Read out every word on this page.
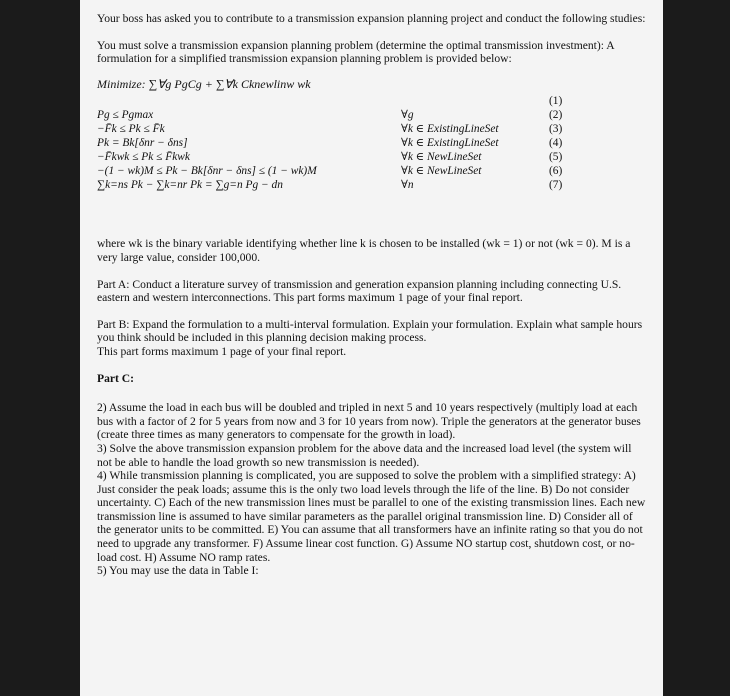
Your boss has asked you to contribute to a transmission expansion planning project and conduct the following studies:

You must solve a transmission expansion planning problem (determine the optimal transmission investment): A formulation for a simplified transmission expansion planning problem is provided below:

Minimize: ∑∀g PgCg + ∑∀k Cknewlinw wk

(1)
Pg ≤ Pgmax	∀g	(2)
−F̄k ≤ Pk ≤ F̄k	∀k ∈ ExistingLineSet	(3)
Pk = Bk[δnr − δns]	∀k ∈ ExistingLineSet	(4)
−F̄kwk ≤ Pk ≤ F̄kwk	∀k ∈ NewLineSet	(5)
−(1 − wk)M ≤ Pk − Bk[δnr − δns] ≤ (1 − wk)M	∀k ∈ NewLineSet	(6)
∑k=ns Pk − ∑k=nr Pk = ∑g=n Pg − dn	∀n	(7)

where wk is the binary variable identifying whether line k is chosen to be installed (wk = 1) or not (wk = 0). M is a very large value, consider 100,000.

Part A: Conduct a literature survey of transmission and generation expansion planning including connecting U.S. eastern and western interconnections. This part forms maximum 1 page of your final report.

Part B: Expand the formulation to a multi-interval formulation. Explain your formulation. Explain what sample hours you think should be included in this planning decision making process.

This part forms maximum 1 page of your final report.

Part C:

2) Assume the load in each bus will be doubled and tripled in next 5 and 10 years respectively (multiply load at each bus with a factor of 2 for 5 years from now and 3 for 10 years from now). Triple the generators at the generator buses (create three times as many generators to compensate for the growth in load).

3) Solve the above transmission expansion problem for the above data and the increased load level (the system will not be able to handle the load growth so new transmission is needed).

4) While transmission planning is complicated, you are supposed to solve the problem with a simplified strategy: A) Just consider the peak loads; assume this is the only two load levels through the life of the line. B) Do not consider uncertainty. C) Each of the new transmission lines must be parallel to one of the existing transmission lines. Each new transmission line is assumed to have similar parameters as the parallel original transmission line. D) Consider all of the generator units to be committed. E) You can assume that all transformers have an infinite rating so that you do not need to upgrade any transformer. F) Assume linear cost function. G) Assume NO startup cost, shutdown cost, or no-load cost. H) Assume NO ramp rates.

5) You may use the data in Table I:
